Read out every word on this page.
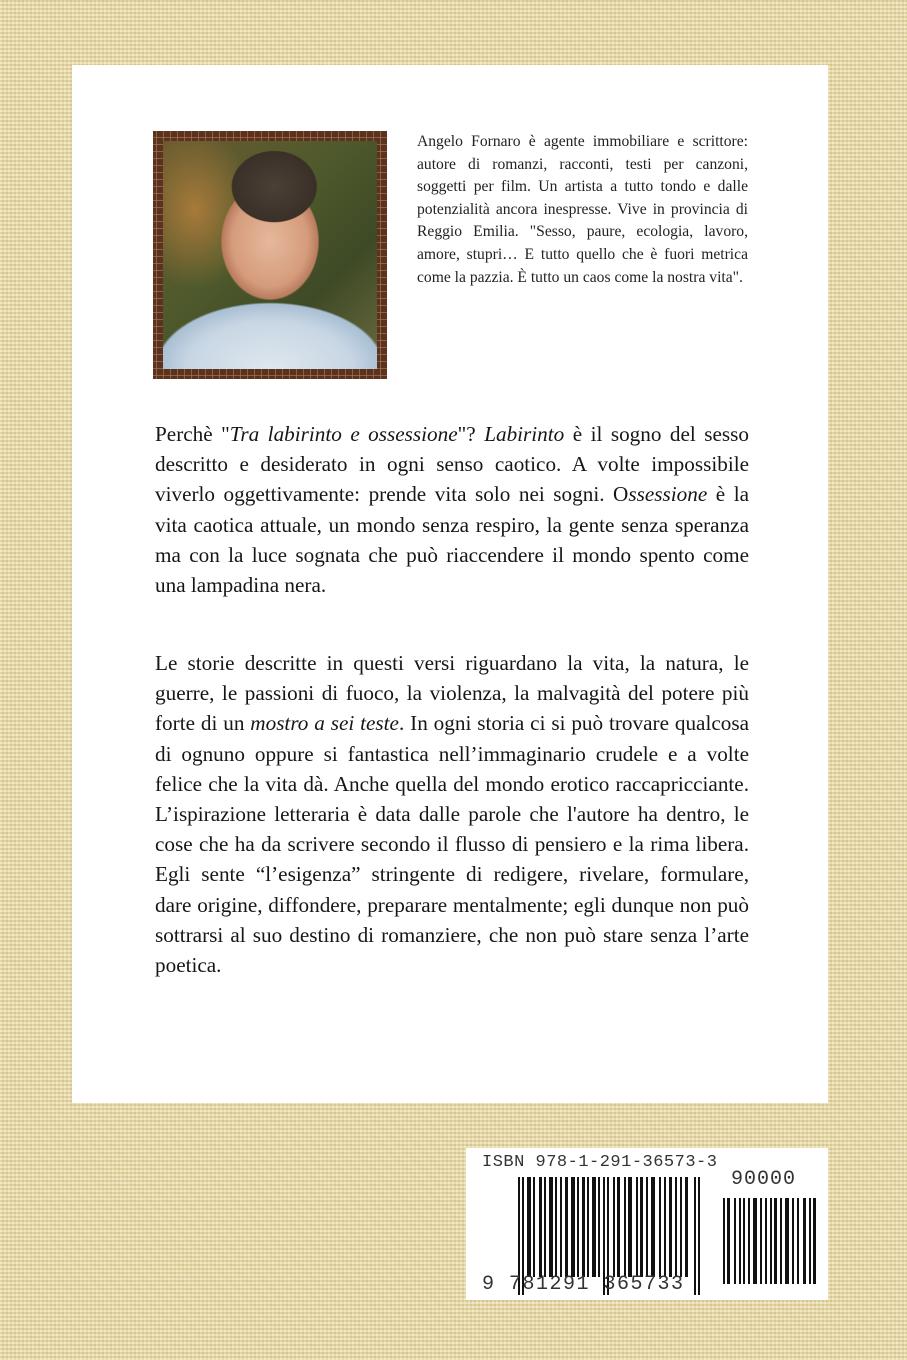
Angelo Fornaro è agente immobiliare e scrittore: autore di romanzi, racconti, testi per canzoni, soggetti per film. Un artista a tutto tondo e dalle potenzialità ancora inespresse. Vive in provincia di Reggio Emilia. "Sesso, paure, ecologia, lavoro, amore, stupri… E tutto quello che è fuori metrica come la pazzia. È tutto un caos come la nostra vita".
Perchè "Tra labirinto e ossessione"? Labirinto è il sogno del sesso descritto e desiderato in ogni senso caotico. A volte impossibile viverlo oggettivamente: prende vita solo nei sogni. Ossessione è la vita caotica attuale, un mondo senza respiro, la gente senza speranza ma con la luce sognata che può riaccendere il mondo spento come una lampadina nera.
Le storie descritte in questi versi riguardano la vita, la natura, le guerre, le passioni di fuoco, la violenza, la malvagità del potere più forte di un mostro a sei teste. In ogni storia ci si può trovare qualcosa di ognuno oppure si fantastica nell’immaginario crudele e a volte felice che la vita dà. Anche quella del mondo erotico raccapricciante. L’ispirazione letteraria è data dalle parole che l'autore ha dentro, le cose che ha da scrivere secondo il flusso di pensiero e la rima libera. Egli sente “l’esigenza” stringente di redigere, rivelare, formulare, dare origine, diffondere, preparare mentalmente; egli dunque non può sottrarsi al suo destino di romanziere, che non può stare senza l’arte poetica.
ISBN 978-1-291-36573-3
90000
9 781291 365733
